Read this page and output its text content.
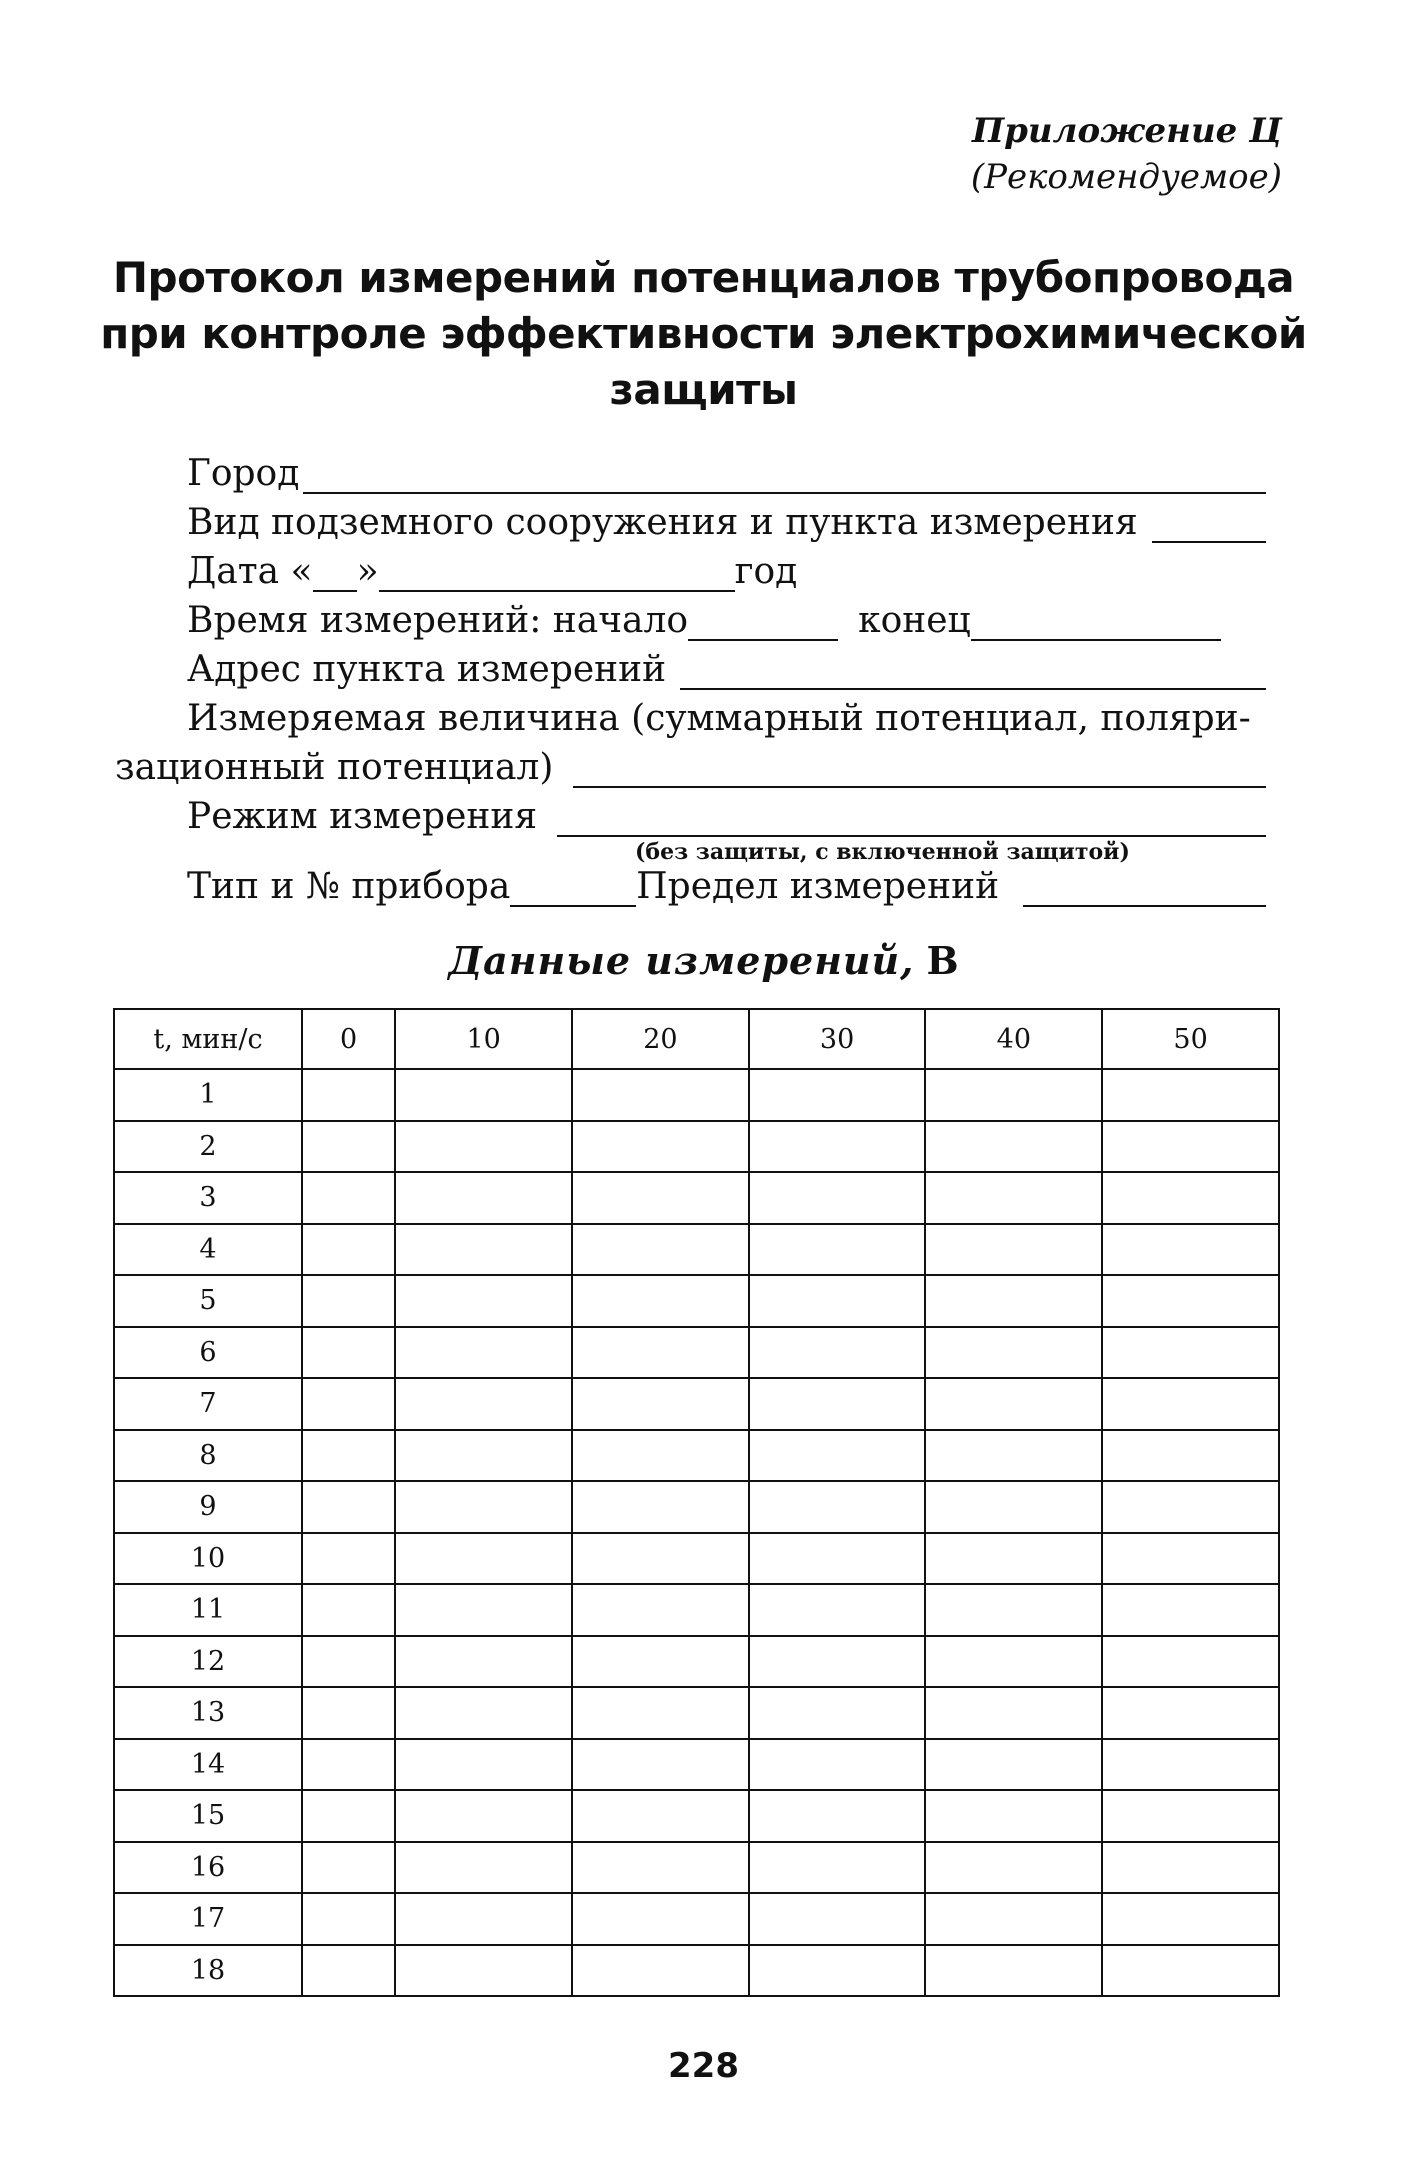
Приложение Ц
(Рекомендуемое)
Протокол измерений потенциалов трубопровода
при контроле эффективности электрохимической
защиты
Город
Вид подземного сооружения и пункта измерения
Дата « »	год
Время измерений: начало	конец
Адрес пункта измерений
Измеряемая величина (суммарный потенциал, поляри-
зационный потенциал)
Режим измерения
(без защиты, с включенной защитой)
Тип и № прибора	Предел измерений
Данные измерений, В
t, мин/с	0	10	20	30	40	50
1						
2						
3						
4						
5						
6						
7						
8						
9						
10						
11						
12						
13						
14						
15						
16						
17						
18						
228
